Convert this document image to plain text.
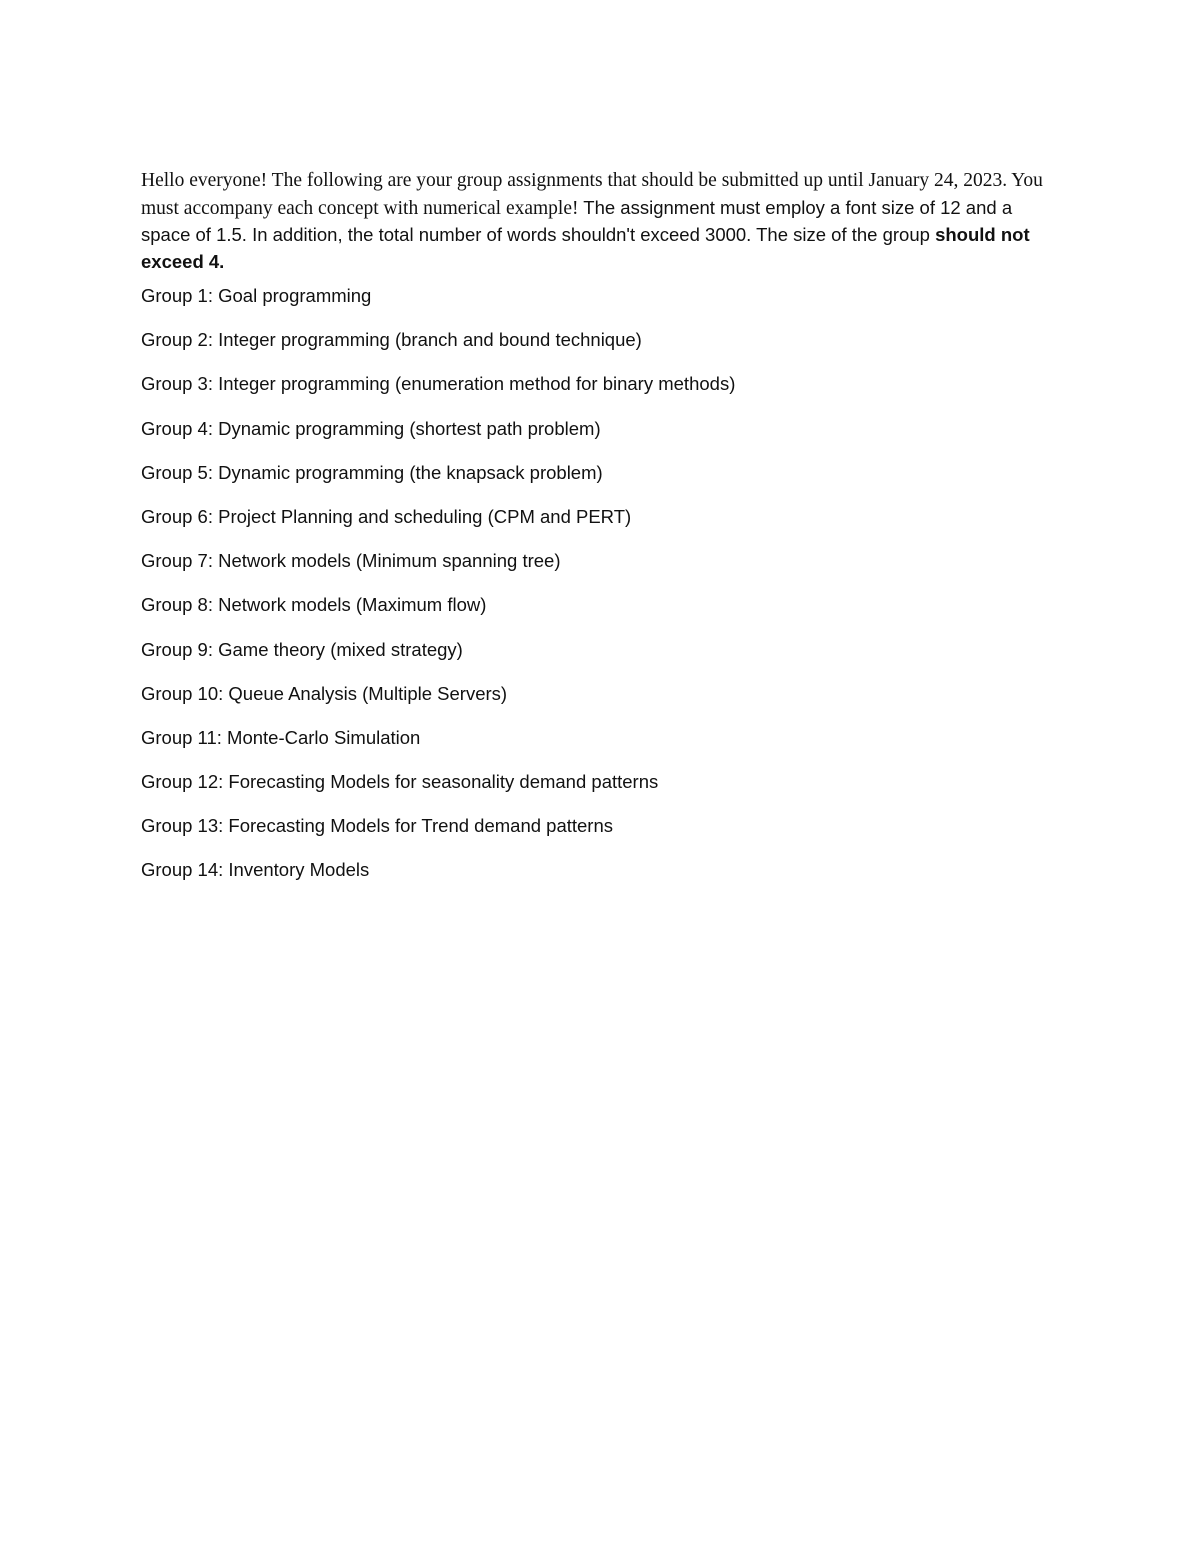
Hello everyone! The following are your group assignments that should be submitted up until January 24, 2023. You must accompany each concept with numerical example! The assignment must employ a font size of 12 and a space of 1.5. In addition, the total number of words shouldn't exceed 3000. The size of the group should not exceed 4.

Group 1: Goal programming
Group 2: Integer programming (branch and bound technique)
Group 3: Integer programming (enumeration method for binary methods)
Group 4: Dynamic programming (shortest path problem)
Group 5: Dynamic programming (the knapsack problem)
Group 6: Project Planning and scheduling (CPM and PERT)
Group 7: Network models (Minimum spanning tree)
Group 8: Network models (Maximum flow)
Group 9: Game theory (mixed strategy)
Group 10: Queue Analysis (Multiple Servers)
Group 11: Monte-Carlo Simulation
Group 12: Forecasting Models for seasonality demand patterns
Group 13: Forecasting Models for Trend demand patterns
Group 14: Inventory Models
